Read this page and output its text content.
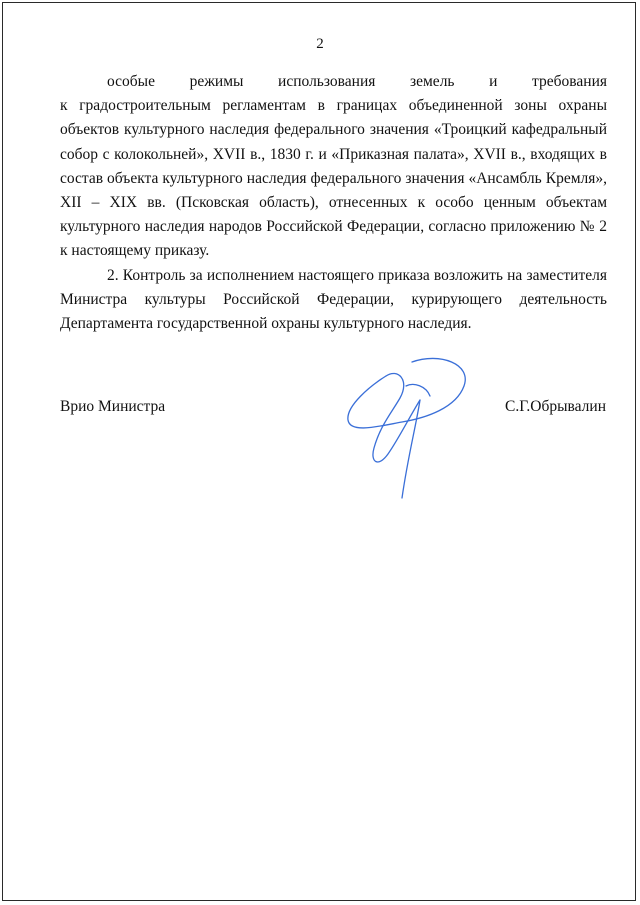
2

особые режимы использования земель и требования

к градостроительным регламентам в границах объединенной зоны охраны объектов культурного наследия федерального значения «Троицкий кафедральный собор с колокольней», XVII в., 1830 г. и «Приказная палата», XVII в., входящих в состав объекта культурного наследия федерального значения «Ансамбль Кремля», XII – XIX вв. (Псковская область), отнесенных к особо ценным объектам культурного наследия народов Российской Федерации, согласно приложению № 2 к настоящему приказу.

2. Контроль за исполнением настоящего приказа возложить на заместителя Министра культуры Российской Федерации, курирующего деятельность Департамента государственной охраны культурного наследия.

Врио Министра	С.Г.Обрывалин
